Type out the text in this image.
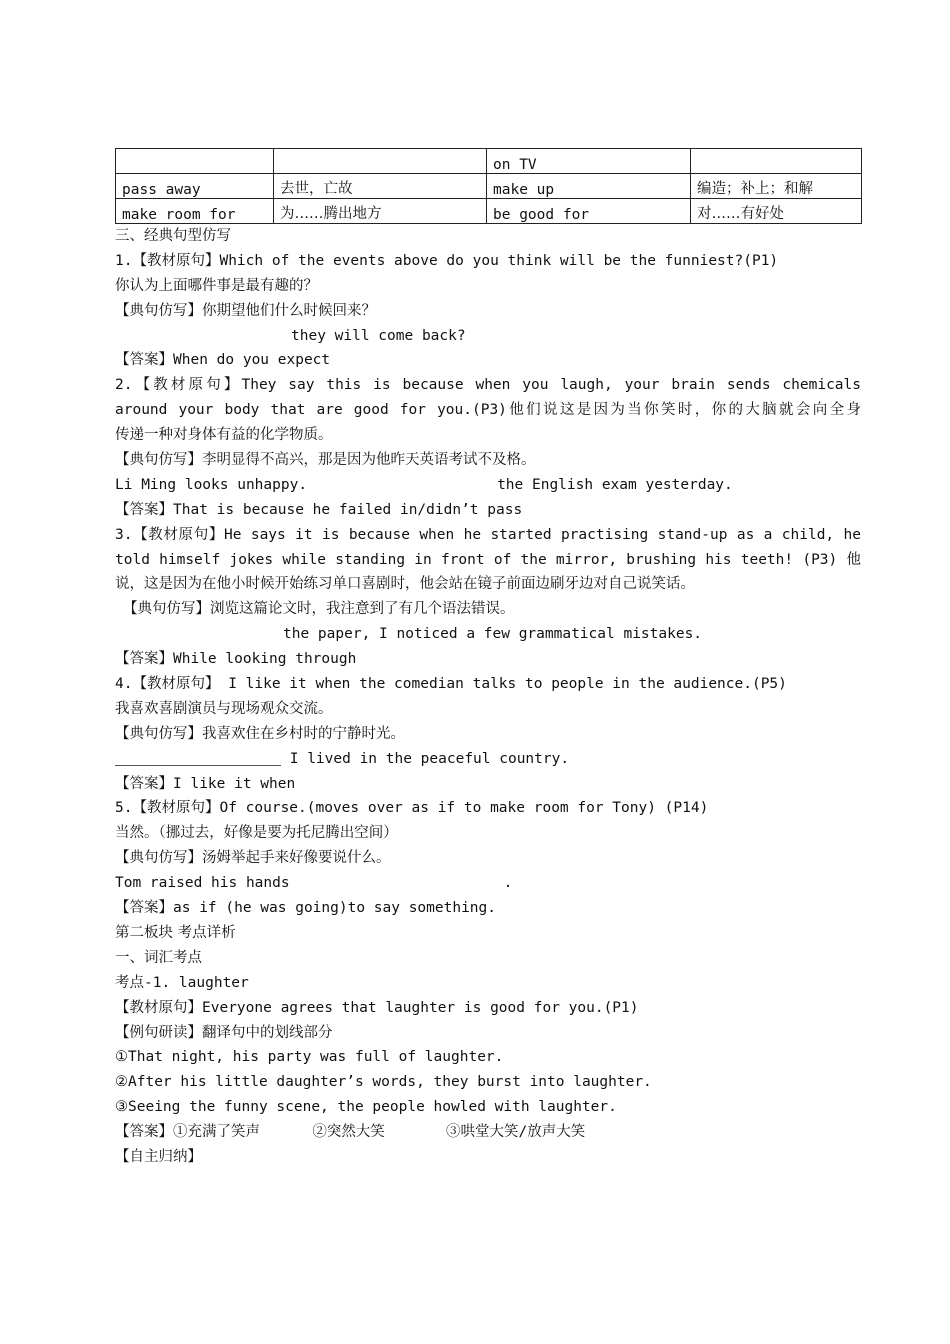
		on TV	
pass away	去世，亡故	make up	编造；补上；和解
make room for	为……腾出地方	be good for	对……有好处
三、经典句型仿写
1.【教材原句】Which of the events above do you think will be the funniest?(P1)
你认为上面哪件事是最有趣的？
【典句仿写】你期望他们什么时候回来？
they will come back?
【答案】When do you expect
2.【教材原句】They say this is because when you laugh, your brain sends chemicals
around your body that are good for you.(P3)他们说这是因为当你笑时，你的大脑就会向全身
传递一种对身体有益的化学物质。
【典句仿写】李明显得不高兴，那是因为他昨天英语考试不及格。
Li Ming looks unhappy.	the English exam yesterday.
【答案】That is because he failed in/didn’t pass
3.【教材原句】He says it is because when he started practising stand-up as a child, he
told himself jokes while standing in front of the mirror, brushing his teeth! (P3) 他
说，这是因为在他小时候开始练习单口喜剧时，他会站在镜子前面边刷牙边对自己说笑话。
【典句仿写】浏览这篇论文时，我注意到了有几个语法错误。
the paper, I noticed a few grammatical mistakes.
【答案】While looking through
4.【教材原句】 I like it when the comedian talks to people in the audience.(P5)
我喜欢喜剧演员与现场观众交流。
【典句仿写】我喜欢住在乡村时的宁静时光。
I lived in the peaceful country.
【答案】I like it when
5.【教材原句】Of course.(moves over as if to make room for Tony) (P14)
当然。（挪过去，好像是要为托尼腾出空间）
【典句仿写】汤姆举起手来好像要说什么。
Tom raised his hands	.
【答案】as if (he was going)to say something.
第二板块 考点详析
一、词汇考点
考点-1. laughter
【教材原句】Everyone agrees that laughter is good for you.(P1)
【例句研读】翻译句中的划线部分
①That night, his party was full of laughter.
②After his little daughter’s words, they burst into laughter.
③Seeing the funny scene, the people howled with laughter.
【答案】①充满了笑声      ②突然大笑       ③哄堂大笑/放声大笑
【自主归纳】
